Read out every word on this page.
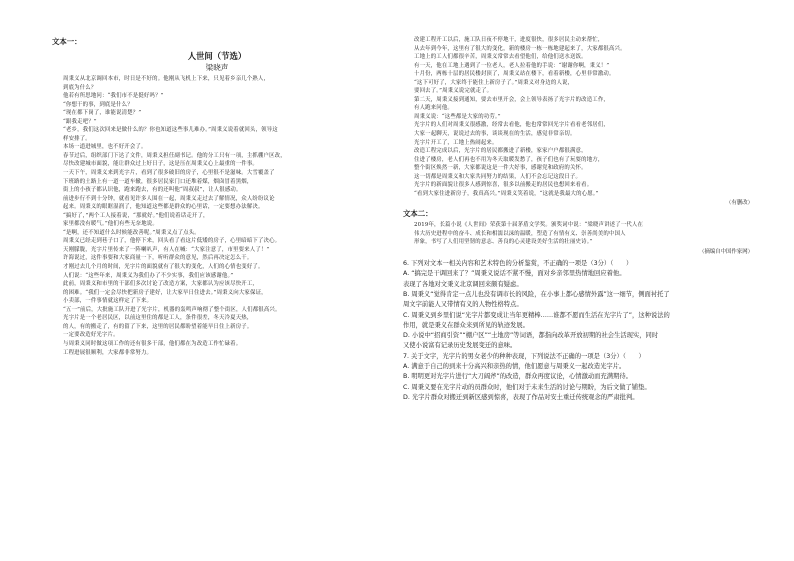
文本一：
人世间（节选）
梁晓声

周秉义从北京调回本市，时日是不好的。他刚从飞机上下来，只见着乡亲几个熟人，

到底为什么？

他若有所思地问：“我们市不是挺好吗？”

“你想干的事，到底是什么？

“现在都下岗了，谁能说清楚？”

“跟我走吧？”

“老乡，我们这次回来是做什么的？你也知道这些事儿难办。”周秉义说着就回头，领导这

样安排了。

本场一道进城里，也不好开会了。

春节过后，组织部门下达了文件，周秉义担任副书记。他的分工只有一项，主抓棚户区改，

尽快改建城市面貌，能让群众过上好日子，这是压在周秉义心上最重的一件事。

一天下午，周秉义来到光字片，看到了很多破旧的房子，心里很不是滋味。大雪覆盖了

下班路的土路上有一道一道车辙，很多居民家门口还堆着煤，烟囱冒着黑烟，

街上的小孩子都认识他，跑来跑去，有的还叫他“周叔叔”，让人很感动。

前进步行不到十分钟，就看见许多人围在一起，周秉义走过去了解情况，众人纷纷议论

起来。周秉义的眼眶湿润了，他知道这些都是群众的心里话，一定要想办法解决。

“搞好了，”两个工人接着说，“那就好。”他们说着话走开了，

家里都没有暖气。”他们有些无奈地说。

“是啊，还不知道什么时候能改善呢。”周秉义点了点头。

周秉义已经走到巷子口了，他停下来，回头看了看这片低矮的房子，心里暗暗下了决心。

天刚朦胧，光字片里传来了一阵喇叭声，有人在喊：“大家注意了，市里要来人了！”

许海说过，这件事要和大家商量一下，听听群众的意见，然后再决定怎么干。

才刚过去几个月的时间，光字片的面貌就有了很大的变化，人们的心情也变好了。

人们说：“这些年来，周秉义为我们办了不少实事，我们应该感谢他。”

此前，周秉义和市里的干部们多次讨论了改造方案，大家都认为应该尽快开工，

的困难。“我们一定会尽快把新房子建好，让大家早日住进去。”周秉义向大家保证，

小卖部，一件事情就这样定了下来。

“五一”前后，大批施工队开进了光字片，机器的轰鸣声响彻了整个街区，人们都很高兴。

光字片是一个老居民区，以前这里住的都是工人，条件很差，冬天冷夏天热，

的人，有的搬走了，有的留了下来，这里的居民都盼望着能早日住上新房子。

一定要改造好光字片。

与周秉义同时做这项工作的还有很多干部，他们都在为改造工作忙碌着。

工程进展很顺利，大家都非常努力。

改建工程开工以后，施工队日夜不停地干，进度很快，很多居民主动来帮忙，

从去年到今年，这里有了很大的变化，新的楼房一栋一栋地建起来了，大家都很高兴。

工地上的工人们都很辛苦，周秉义常常去看望他们，给他们送水送饭。

有一天，他在工地上遇到了一位老人，老人拉着他的手说：“谢谢你啊，秉义！”

十月份，两栋十层的居民楼封顶了，周秉义站在楼下，看着新楼，心里非常激动。

“这下可好了，大家终于能住上新房子了。”周秉义对身边的人说，

要回去了。”周秉义说完就走了。

第二天，周秉义接到通知，要去市里开会，会上领导表扬了光字片的改造工作，

有人跑来问他。

周秉义说：“这些都是大家的功劳。”

光字片的人们对周秉义很感激，经常去看他，他也常常回光字片看看老邻居们，

大家一起聊天，说说过去的事，谈谈现在的生活，感觉非常亲切。

光字片开工了，工地上热闹起来。

改造工程完成以后，光字片的居民都搬进了新楼，家家户户都很满意，

住进了楼房，老人们再也不用为冬天取暖发愁了，孩子们也有了玩耍的地方，

整个街区焕然一新，大家都说这是一件大好事，感谢党和政府的关怀。

这一切都是周秉义和大家共同努力的结果，人们不会忘记这段日子。

光字片的新面貌让很多人感到惊喜，很多以前搬走的居民也想回来看看。

“看到大家住进新房子，我真高兴。”周秉义笑着说，“这就是我最大的心愿。”

（有删改）
文本二：

2019年，长篇小说《人世间》荣获第十届茅盾文学奖。颁奖词中说：“梁晓声讲述了一代人在

伟大历史进程中的奋斗、成长和相濡以沫的温暖，塑造了有情有义、崇善尚美的中国人

形象，书写了人们用坚韧的意志、善良的心灵建设美好生活的壮丽史诗。”

（摘编自中国作家网）
6. 下列对文本一相关内容和艺术特色的分析鉴赏，不正确的一项是（3分）（　　）

A. “搞完是干调回来了？”周秉义说话不紧不慢，面对乡亲邻里热情地回应着他。

表现了各地对文秉义北京调回来颇有疑虑。

B. 周秉义“觉得肯定一点儿也没有调市长的风险，在小事上都心感情外露”这一细节，侧面衬托了

周文字前能人又带情有义的人物性格特点。

C. 周秉义到乡里们说“光字片都变成让当年更精棒……谁都不愿而生活在光字片了”，这种说法的

作用，就是秉义在群众来到所见的轨迹发展。

D. 小说中“招商引资”“棚户区”“土地房”等词语，都指向改革开放初期的社会生活现实，同时

又使小说富有记录历史发展变迁的意味。

7. 关于文字，光字片的男女老少的种种表现，下列说法不正确的一项是（3分）（　　）

A. 满意于自己的到来十分高兴和亲热的情，他们愿意与周秉义一起改造光字片。

B. 明明更对光字片进行“大刀阔斧”的改造，群众再度议论，心情激动而充满期待。

C. 周秉义要在光字片动的员群众时，他们对于未来生活的讨论与期盼，为后文做了铺垫。

D. 光字片群众对搬迁到新区感到惊喜，表现了作品对安土重迁传统观念的严肃批判。
